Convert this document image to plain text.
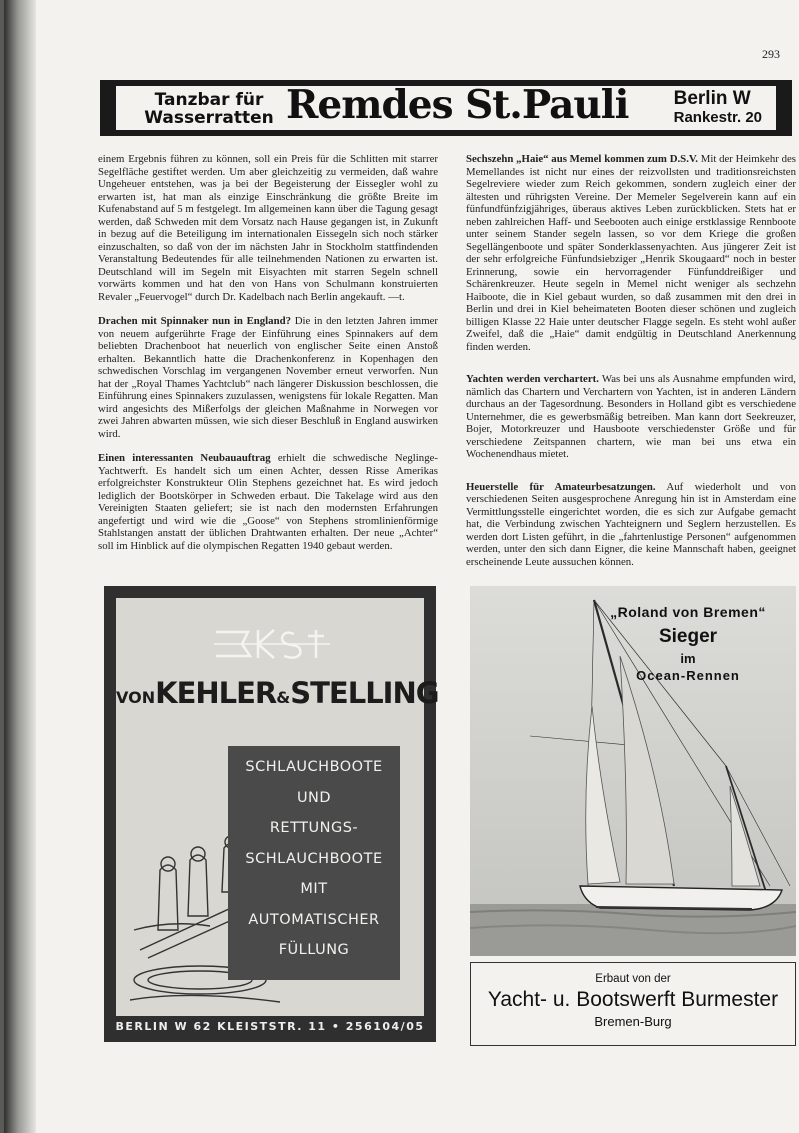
293
Tanzbar für
Wasserratten Remdes St.Pauli Berlin W
Rankestr. 20

einem Ergebnis führen zu können, soll ein Preis für die Schlitten mit starrer Segelfläche gestiftet werden. Um aber gleichzeitig zu vermeiden, daß wahre Ungeheuer entstehen, was ja bei der Begeisterung der Eissegler wohl zu erwarten ist, hat man als einzige Einschränkung die größte Breite im Kufenabstand auf 5 m festgelegt. Im allgemeinen kann über die Tagung gesagt werden, daß Schweden mit dem Vorsatz nach Hause gegangen ist, in Zukunft in bezug auf die Beteiligung im internationalen Eissegeln sich noch stärker einzuschalten, so daß von der im nächsten Jahr in Stockholm stattfindenden Veranstaltung Bedeutendes für alle teilnehmenden Nationen zu erwarten ist. Deutschland will im Segeln mit Eisyachten mit starren Segeln schnell vorwärts kommen und hat den von Hans von Schulmann konstruierten Revaler „Feuervogel“ durch Dr. Kadelbach nach Berlin angekauft. —t.

Drachen mit Spinnaker nun in England? Die in den letzten Jahren immer von neuem aufgerührte Frage der Einführung eines Spinnakers auf dem beliebten Drachenboot hat neuerlich von englischer Seite einen Anstoß erhalten. Bekanntlich hatte die Drachenkonferenz in Kopenhagen den schwedischen Vorschlag im vergangenen November erneut verworfen. Nun hat der „Royal Thames Yachtclub“ nach längerer Diskussion beschlossen, die Einführung eines Spinnakers zuzulassen, wenigstens für lokale Regatten. Man wird angesichts des Mißerfolgs der gleichen Maßnahme in Norwegen vor zwei Jahren abwarten müssen, wie sich dieser Beschluß in England auswirken wird.

Einen interessanten Neubauauftrag erhielt die schwedische Neglinge-Yachtwerft. Es handelt sich um einen Achter, dessen Risse Amerikas erfolgreichster Konstrukteur Olin Stephens gezeichnet hat. Es wird jedoch lediglich der Bootskörper in Schweden erbaut. Die Takelage wird aus den Vereinigten Staaten geliefert; sie ist nach den modernsten Erfahrungen angefertigt und wird wie die „Goose“ von Stephens stromlinienförmige Stahlstangen anstatt der üblichen Drahtwanten erhalten. Der neue „Achter“ soll im Hinblick auf die olympischen Regatten 1940 gebaut werden.

Sechszehn „Haie“ aus Memel kommen zum D.S.V. Mit der Heimkehr des Memellandes ist nicht nur eines der reizvollsten und traditionsreichsten Segelreviere wieder zum Reich gekommen, sondern zugleich einer der ältesten und rührigsten Vereine. Der Memeler Segelverein kann auf ein fünfundfünfzigjähriges, überaus aktives Leben zurückblicken. Stets hat er neben zahlreichen Haff- und Seebooten auch einige erstklassige Rennboote unter seinem Stander segeln lassen, so vor dem Kriege die großen Segellängenboote und später Sonderklassenyachten. Aus jüngerer Zeit ist der sehr erfolgreiche Fünfundsiebziger „Henrik Skougaard“ noch in bester Erinnerung, sowie ein hervorragender Fünfunddreißiger und Schärenkreuzer. Heute segeln in Memel nicht weniger als sechzehn Haiboote, die in Kiel gebaut wurden, so daß zusammen mit den drei in Berlin und drei in Kiel beheimateten Booten dieser schönen und zugleich billigen Klasse 22 Haie unter deutscher Flagge segeln. Es steht wohl außer Zweifel, daß die „Haie“ damit endgültig in Deutschland Anerkennung finden werden.

Yachten werden verchartert. Was bei uns als Ausnahme empfunden wird, nämlich das Chartern und Verchartern von Yachten, ist in anderen Ländern durchaus an der Tagesordnung. Besonders in Holland gibt es verschiedene Unternehmer, die es gewerbsmäßig betreiben. Man kann dort Seekreuzer, Bojer, Motorkreuzer und Hausboote verschiedenster Größe und für verschiedene Zeitspannen chartern, wie man bei uns etwa ein Wochenendhaus mietet.

Heuerstelle für Amateurbesatzungen. Auf wiederholt und von verschiedenen Seiten ausgesprochene Anregung hin ist in Amsterdam eine Vermittlungsstelle eingerichtet worden, die es sich zur Aufgabe gemacht hat, die Verbindung zwischen Yachteignern und Seglern herzustellen. Es werden dort Listen geführt, in die „fahrtenlustige Personen“ aufgenommen werden, unter den sich dann Eigner, die keine Mannschaft haben, geeignet erscheinende Leute aussuchen können.

VONKEHLER&STELLING
SCHLAUCHBOOTE
UND
RETTUNGS-
SCHLAUCHBOOTE
MIT
AUTOMATISCHER
FÜLLUNG
BERLIN W 62 KLEISTSTR. 11 • 256104/05
„Roland von Bremen“
Sieger
im
Ocean-Rennen
Erbaut von der
Yacht- u. Bootswerft Burmester
Bremen-Burg
